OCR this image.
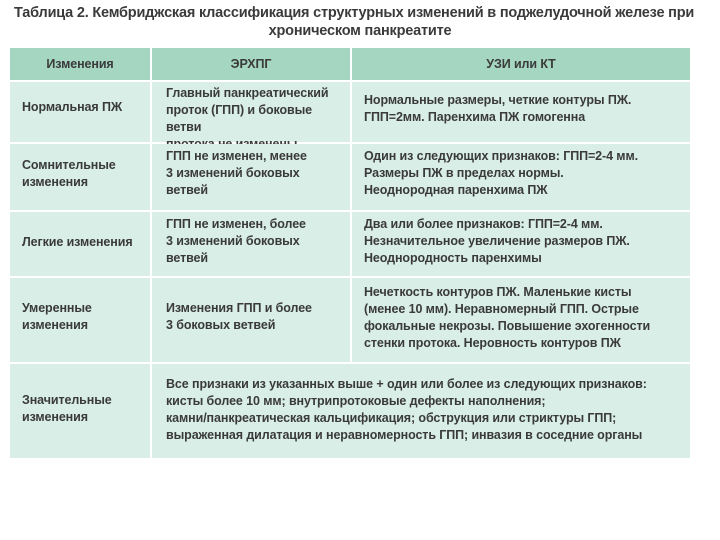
Таблица 2. Кембриджская классификация структурных изменений в поджелудочной железе при
хроническом панкреатите
Изменения	ЭРХПГ	УЗИ или КТ
Нормальная ПЖ
Главный панкреатический
проток (ГПП) и боковые ветви

Нормальные размеры, четкие контуры ПЖ.
ГПП=2мм. Паренхима ПЖ гомогенна
Сомнительные
изменения
ГПП не изменен, менее
3 изменений боковых
ветвей
Один из следующих признаков: ГПП=2-4 мм.
Размеры ПЖ в пределах нормы.
Неоднородная паренхима ПЖ
Легкие изменения
ГПП не изменен, более
3 изменений боковых
ветвей
Два или более признаков: ГПП=2-4 мм.
Незначительное увеличение размеров ПЖ.
Неоднородность паренхимы
Умеренные
изменения
Изменения ГПП и более
3 боковых ветвей
Нечеткость контуров ПЖ. Маленькие кисты
(менее 10 мм). Неравномерный ГПП. Острые
фокальные некрозы. Повышение эхогенности
стенки протока. Неровность контуров ПЖ
Значительные
изменения
Все признаки из указанных выше + один или более из следующих признаков:
кисты более 10 мм; внутрипротоковые дефекты наполнения;
камни/панкреатическая кальцификация; обструкция или стриктуры ГПП;
выраженная дилатация и неравномерность ГПП; инвазия в соседние органы
